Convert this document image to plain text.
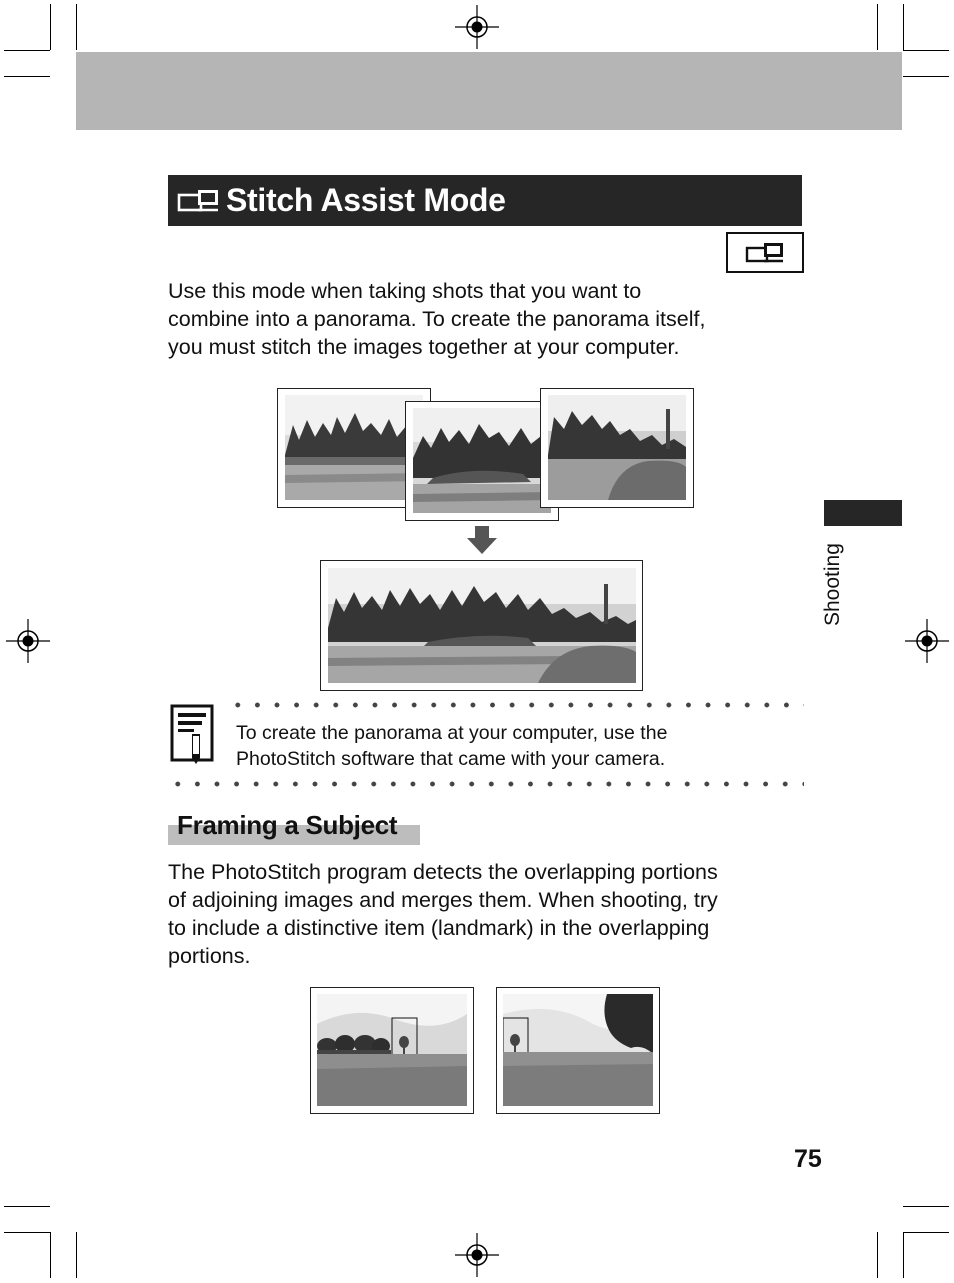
Stitch Assist Mode
Use this mode when taking shots that you want to
combine into a panorama. To create the panorama itself,
you must stitch the images together at your computer.
To create the panorama at your computer, use the
PhotoStitch software that came with your camera.
Framing a Subject
The PhotoStitch program detects the overlapping portions
of adjoining images and merges them. When shooting, try
to include a distinctive item (landmark) in the overlapping
portions.
Shooting
75
